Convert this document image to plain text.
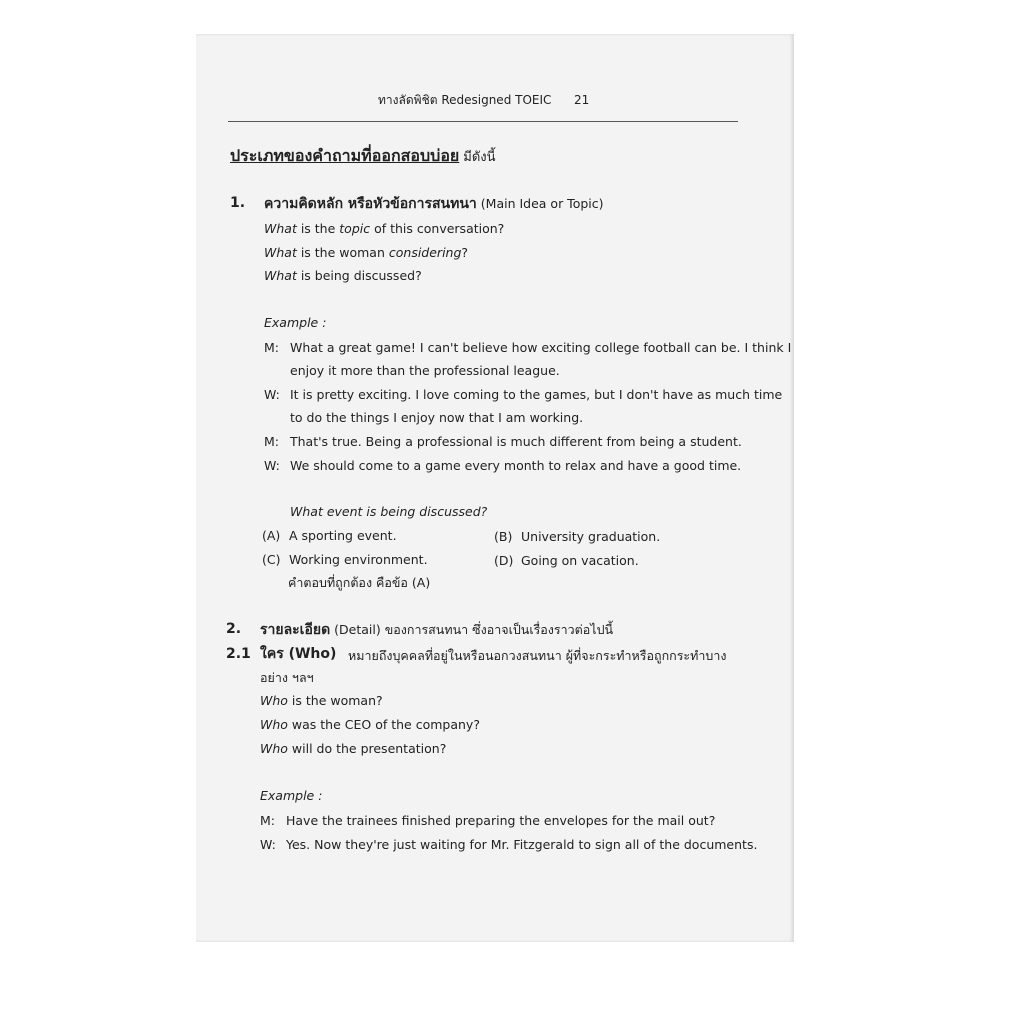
ทางลัดพิชิต Redesigned TOEIC 21
ประเภทของคำถามที่ออกสอบบ่อย มีดังนี้
1. ความคิดหลัก หรือหัวข้อการสนทนา (Main Idea or Topic)
What is the topic of this conversation?
What is the woman considering?
What is being discussed?
Example :
M: What a great game! I can't believe how exciting college football can be. I think I
enjoy it more than the professional league.
W: It is pretty exciting. I love coming to the games, but I don't have as much time
to do the things I enjoy now that I am working.
M: That's true. Being a professional is much different from being a student.
W: We should come to a game every month to relax and have a good time.
What event is being discussed?
(A) A sporting event.	(B) University graduation.
(C) Working environment.	(D) Going on vacation.
คำตอบที่ถูกต้อง คือข้อ (A)
2. รายละเอียด (Detail) ของการสนทนา ซึ่งอาจเป็นเรื่องราวต่อไปนี้
2.1 ใคร (Who) หมายถึงบุคคลที่อยู่ในหรือนอกวงสนทนา ผู้ที่จะกระทำหรือถูกกระทำบาง
อย่าง ฯลฯ
Who is the woman?
Who was the CEO of the company?
Who will do the presentation?
Example :
M: Have the trainees finished preparing the envelopes for the mail out?
W: Yes. Now they're just waiting for Mr. Fitzgerald to sign all of the documents.
